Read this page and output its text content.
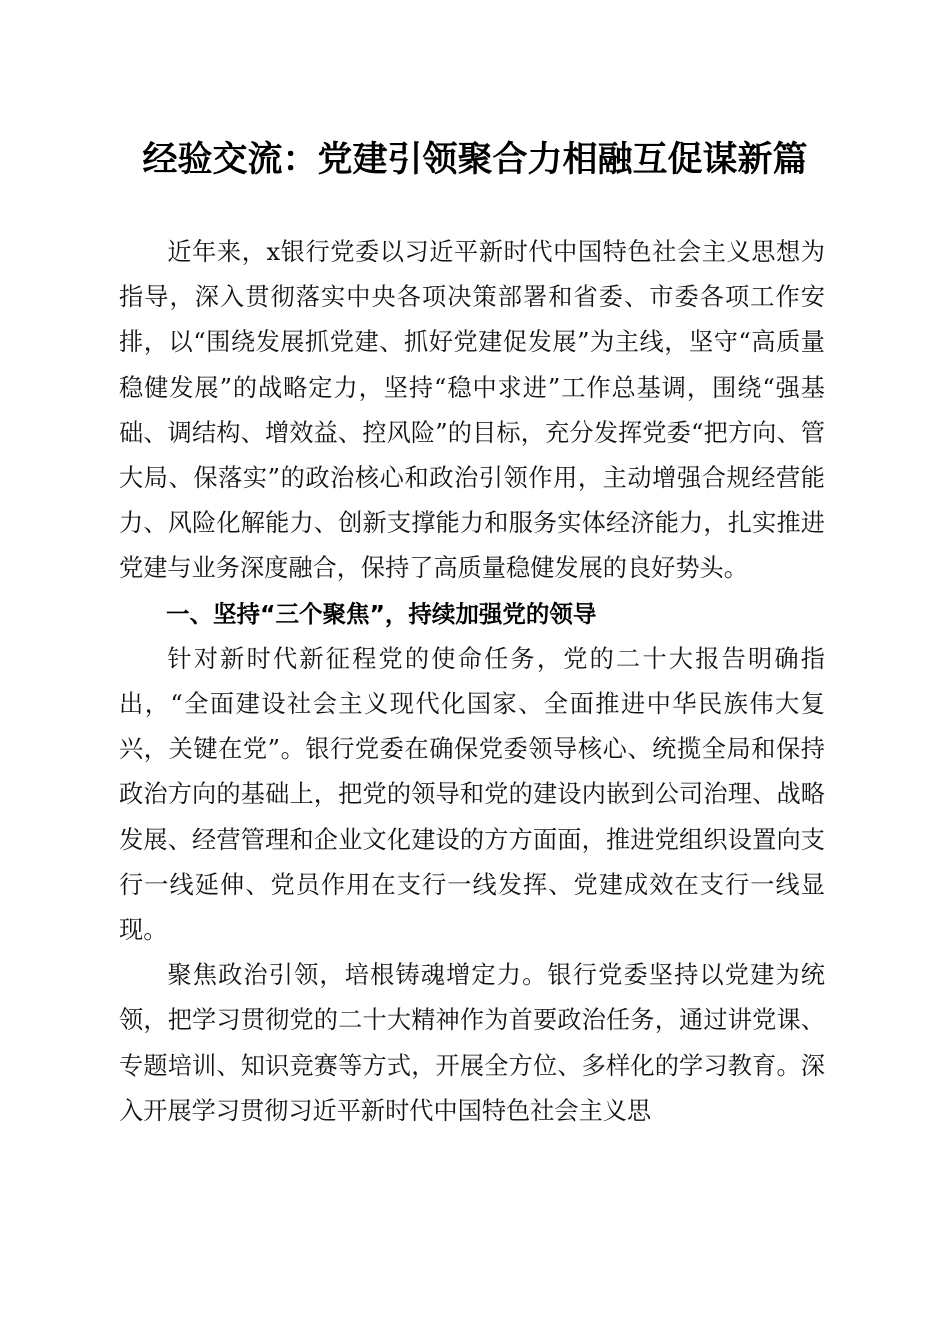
经验交流：党建引领聚合力相融互促谋新篇

近年来，x银行党委以习近平新时代中国特色社会主义思想为指导，深入贯彻落实中央各项决策部署和省委、市委各项工作安排，以“围绕发展抓党建、抓好党建促发展”为主线，坚守“高质量稳健发展”的战略定力，坚持“稳中求进”工作总基调，围绕“强基础、调结构、增效益、控风险”的目标，充分发挥党委“把方向、管大局、保落实”的政治核心和政治引领作用，主动增强合规经营能力、风险化解能力、创新支撑能力和服务实体经济能力，扎实推进党建与业务深度融合，保持了高质量稳健发展的良好势头。

一、坚持“三个聚焦”，持续加强党的领导

针对新时代新征程党的使命任务，党的二十大报告明确指出，“全面建设社会主义现代化国家、全面推进中华民族伟大复兴，关键在党”。银行党委在确保党委领导核心、统揽全局和保持政治方向的基础上，把党的领导和党的建设内嵌到公司治理、战略发展、经营管理和企业文化建设的方方面面，推进党组织设置向支行一线延伸、党员作用在支行一线发挥、党建成效在支行一线显现。

聚焦政治引领，培根铸魂增定力。银行党委坚持以党建为统领，把学习贯彻党的二十大精神作为首要政治任务，通过讲党课、专题培训、知识竞赛等方式，开展全方位、多样化的学习教育。深入开展学习贯彻习近平新时代中国特色社会主义思
